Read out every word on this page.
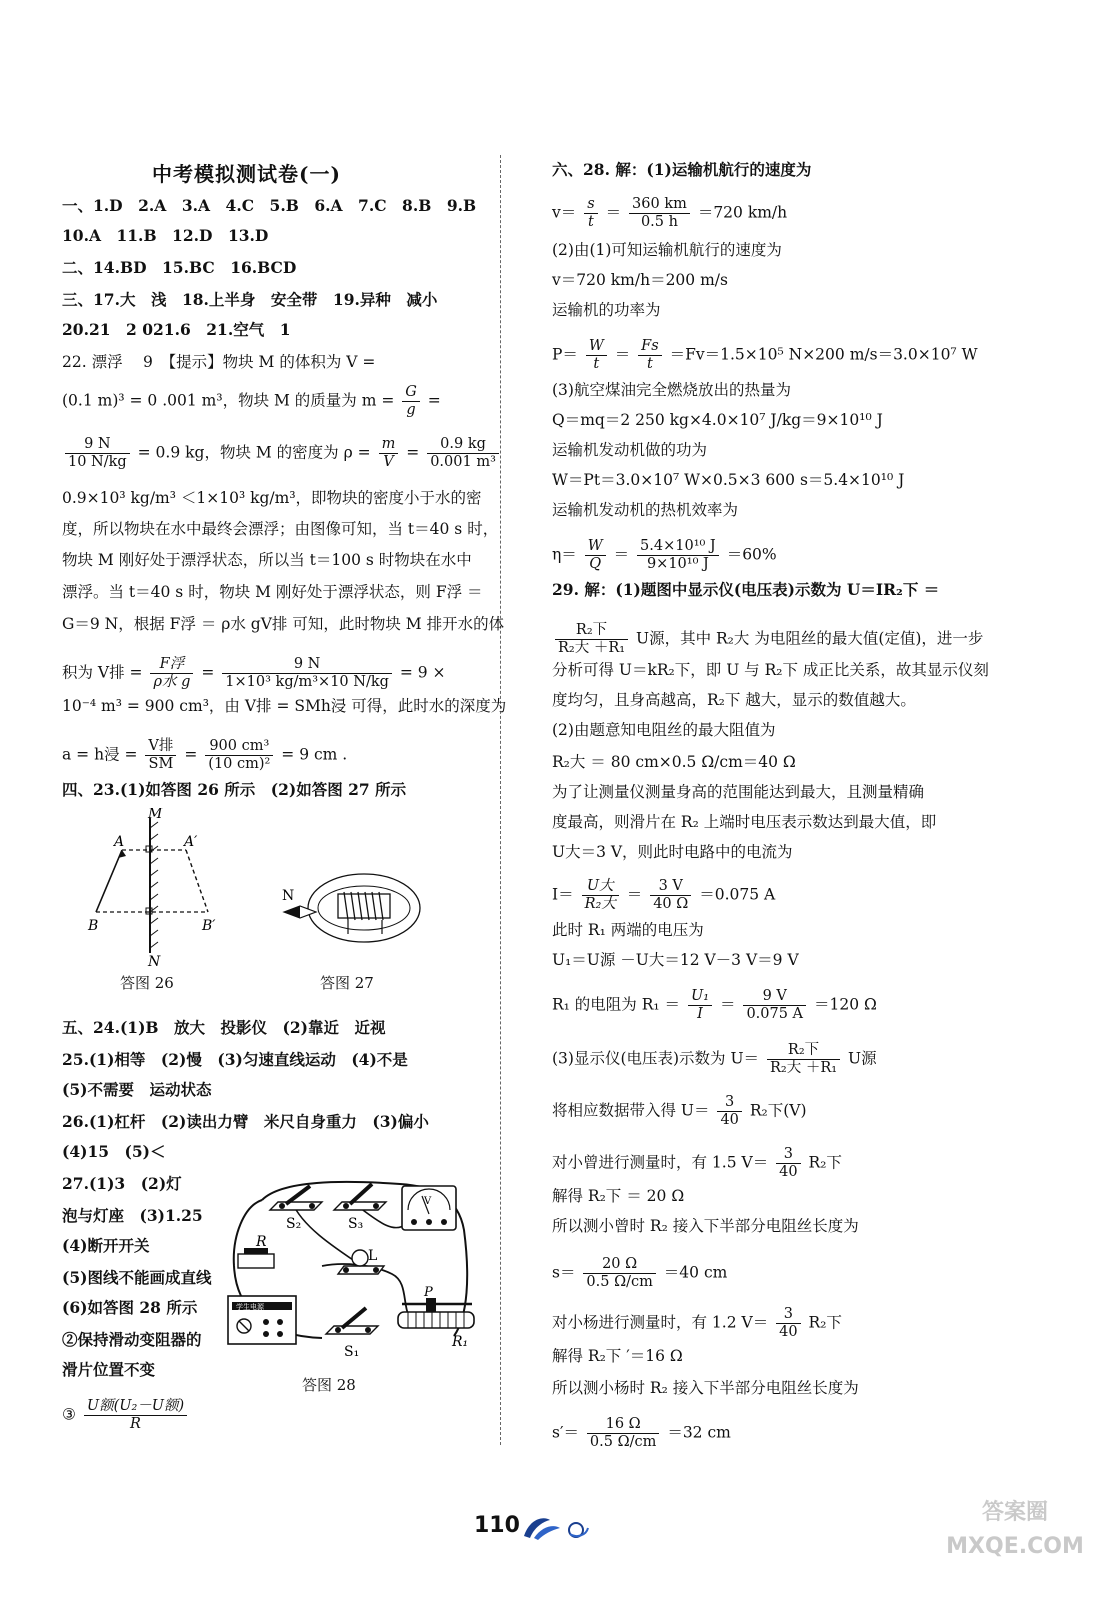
中考模拟测试卷(一)
一、1.D　2.A　3.A　4.C　5.B　6.A　7.C　8.B　9.B
10.A　11.B　12.D　13.D
二、14.BD　15.BC　16.BCD
三、17.大　浅　18.上半身　安全带　19.异种　减小
20.21　2 021.6　21.空气　1
22. 漂浮　 9　【提示】物块 M 的体积为 V =
(0.1 m)³ = 0 .001 m³，物块 M 的质量为 $m = \frac{G}{g}$ =
$\frac{9 N}{10 N/kg} = 0.9$ kg，物块 M 的密度为 $\rho = \frac{m}{V} = \frac{0.9 kg}{\text{0.001 m³}}$
0.9×10³ kg/m³ ＜1×10³ kg/m³，即物块的密度小于水的密
度，所以物块在水中最终会漂浮；由图像可知，当 t＝40 s 时，
物块 M 刚好处于漂浮状态，所以当 t＝100 s 时物块在水中
漂浮。当 t＝40 s 时，物块 M 刚好处于漂浮状态，则 F浮 ＝
G＝9 N，根据 F浮 ＝ ρ水 gV排 可知，此时物块 M 排开水的体
积为 V排 =	F浮
ρ水 g
= $\frac{9 N}{\text{1×10³ kg/m³×10 N/kg}} = 9$ ×
10⁻⁴ m³ = 900 cm³，由 V排 = SMh浸 可得，此时水的深度为
a = h浸 = V排
SM
= $\frac{\text{900 cm³}}{\text{(10 cm)²}} = 9$ cm .
四、23.(1)如答图 26 所示　(2)如答图 27 所示
M
N
A	A′
B	B′
答图 26
N
答图 27
五、24.(1)B　放大　投影仪　(2)靠近　近视
25.(1)相等　(2)慢　(3)匀速直线运动　(4)不是
(5)不需要　运动状态
26.(1)杠杆　(2)读出力臂　米尺自身重力　(3)偏小
(4)15　(5)＜
27.(1)3　(2)灯
泡与灯座　(3)1.25
(4)断开开关
(5)图线不能画成直线
(6)如答图 28 所示
②保持滑动变阻器的
滑片位置不变
③ U额(U₂－U额)
R
S₂	S₃
V
R
L
学生电源
S₁
P
R₁
答图 28
六、28. 解：(1)运输机航行的速度为
$v= \frac{s}{t} = \frac{360 km}{0.5 h} =720$ km/h
(2)由(1)可知运输机航行的速度为
v＝720 km/h＝200 m/s
运输机的功率为
$P= \frac{W}{t} = \frac{Fs}{t} =Fv=1.5\times 10^5$ N×200 m/s＝3.0×10⁷ W
(3)航空煤油完全燃烧放出的热量为
Q＝mq＝2 250 kg×4.0×10⁷ J/kg＝9×10¹⁰ J
运输机发动机做的功为
W＝Pt＝3.0×10⁷ W×0.5×3 600 s＝5.4×10¹⁰ J
运输机发动机的热机效率为
$\eta= \frac{W}{Q} = \frac{\text{5.4×10¹⁰ J}}{\text{9×10¹⁰ J}} =60\%$
29. 解：(1)题图中显示仪(电压表)示数为 U＝IR₂下 ＝
R₂下
R₂大 ＋R₁
U源，其中 R₂大 为电阻丝的最大值(定值)，进一步
分析可得 U＝kR₂下，即 U 与 R₂下 成正比关系，故其显示仪刻
度均匀，且身高越高，R₂下 越大，显示的数值越大。
(2)由题意知电阻丝的最大阻值为
R₂大 ＝ 80 cm×0.5 Ω/cm＝40 Ω
为了让测量仪测量身高的范围能达到最大，且测量精确
度最高，则滑片在 R₂ 上端时电压表示数达到最大值，即
U大＝3 V，则此时电路中的电流为
I＝ U大
R₂大
＝ $\frac{3 V}{40 \Omega} =0.075$ A
此时 R₁ 两端的电压为
U₁＝U源 －U大＝12 V－3 V＝9 V
R₁ 的电阻为 $R_1 = \frac{\text{U₁}}{I} = \frac{9 V}{0.075 A} =120$ Ω
(3)显示仪(电压表)示数为 U＝	R₂下
R₂大 ＋R₁
U源
将相应数据带入得 $U= \frac{3}{40} R_2$下(V)
对小曾进行测量时，有 1.5 $V= \frac{3}{40} R_2$下
解得 R₂下 ＝ 20 Ω
所以测小曾时 R₂ 接入下半部分电阻丝长度为
$s= \frac{20 \Omega}{0.5 \Omega/cm} =40$ cm
对小杨进行测量时，有 1.2 $V= \frac{3}{40} R_2$下
解得 R₂下 ′＝16 Ω
所以测小杨时 R₂ 接入下半部分电阻丝长度为
$s'= \frac{16 \Omega}{0.5 \Omega/cm} =32$ cm
110
答案圈 MXQE.COM
